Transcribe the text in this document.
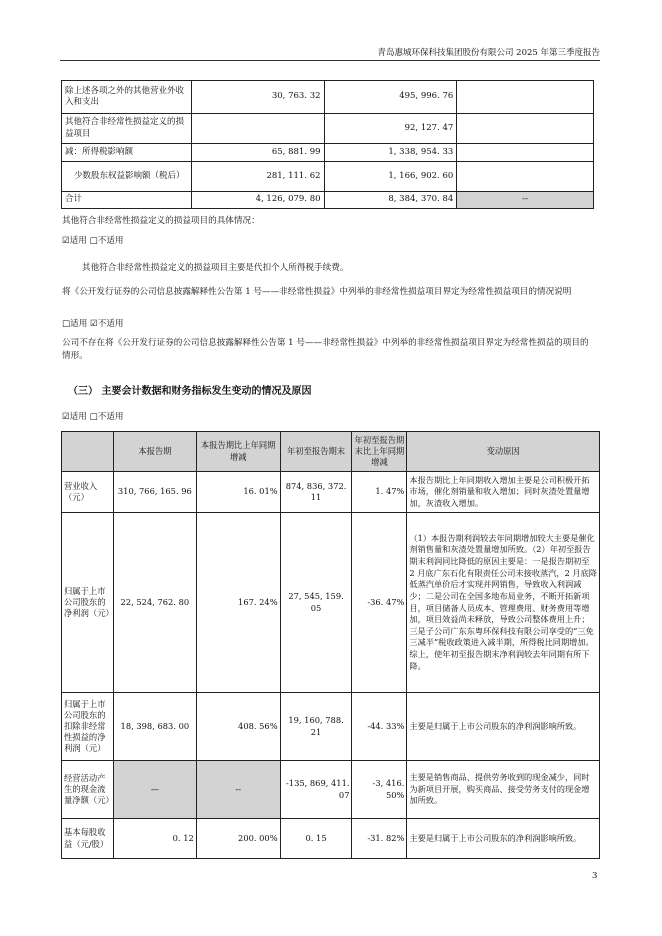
青岛惠城环保科技集团股份有限公司 2025 年第三季度报告
除上述各项之外的其他营业外收入和支出	30, 763. 32	495, 996. 76	
其他符合非经常性损益定义的损益项目		92, 127. 47	
减：所得税影响额	65, 881. 99	1, 338, 954. 33	
少数股东权益影响额（税后）	281, 111. 62	1, 166, 902. 60	
合计	4, 126, 079. 80	8, 384, 370. 84	--
其他符合非经常性损益定义的损益项目的具体情况：
☑适用 □不适用
其他符合非经常性损益定义的损益项目主要是代扣个人所得税手续费。
将《公开发行证券的公司信息披露解释性公告第 1 号——非经常性损益》中列举的非经常性损益项目界定为经常性损益项目的情况说明
□适用 ☑不适用
公司不存在将《公开发行证券的公司信息披露解释性公告第 1 号——非经常性损益》中列举的非经常性损益项目界定为经常性损益的项目的情形。
（三） 主要会计数据和财务指标发生变动的情况及原因
☑适用 □不适用
	本报告期	本报告期比上年同期增减	年初至报告期末	年初至报告期末比上年同期增减	变动原因
营业收入（元）	310, 766, 165. 96	16. 01%	874, 836, 372. 11	1. 47%	本报告期比上年同期收入增加主要是公司积极开拓市场，催化剂销量和收入增加；同时灰渣处置量增加，灰渣收入增加。
归属于上市公司股东的净利润（元）	22, 524, 762. 80	167. 24%	27, 545, 159. 05	-36. 47%	（1）本报告期利润较去年同期增加较大主要是催化剂销售量和灰渣处置量增加所致。（2）年初至报告期末利润同比降低的原因主要是：一是报告期初至 2 月底广东石化有限责任公司未接收蒸汽，2 月底降低蒸汽单价后才实现并网销售，导致收入利润减少；二是公司在全国多地布局业务，不断开拓新项目，项目储备人员成本、管理费用、财务费用等增加，项目效益尚未释放，导致公司整体费用上升；三是子公司广东东粤环保科技有限公司享受的“三免三减半”税收政策进入减半期，所得税比同期增加。综上，使年初至报告期末净利润较去年同期有所下降。
归属于上市公司股东的扣除非经常性损益的净利润（元）	18, 398, 683. 00	408. 56%	19, 160, 788. 21	-44. 33%	主要是归属于上市公司股东的净利润影响所致。
经营活动产生的现金流量净额（元）	—	--	-135, 869, 411. 07	-3, 416. 50%	主要是销售商品、提供劳务收到的现金减少，同时为新项目开展，购买商品、接受劳务支付的现金增加所致。
基本每股收益（元/股）	0. 12	200. 00%	0. 15	-31. 82%	主要是归属于上市公司股东的净利润影响所致。
3
